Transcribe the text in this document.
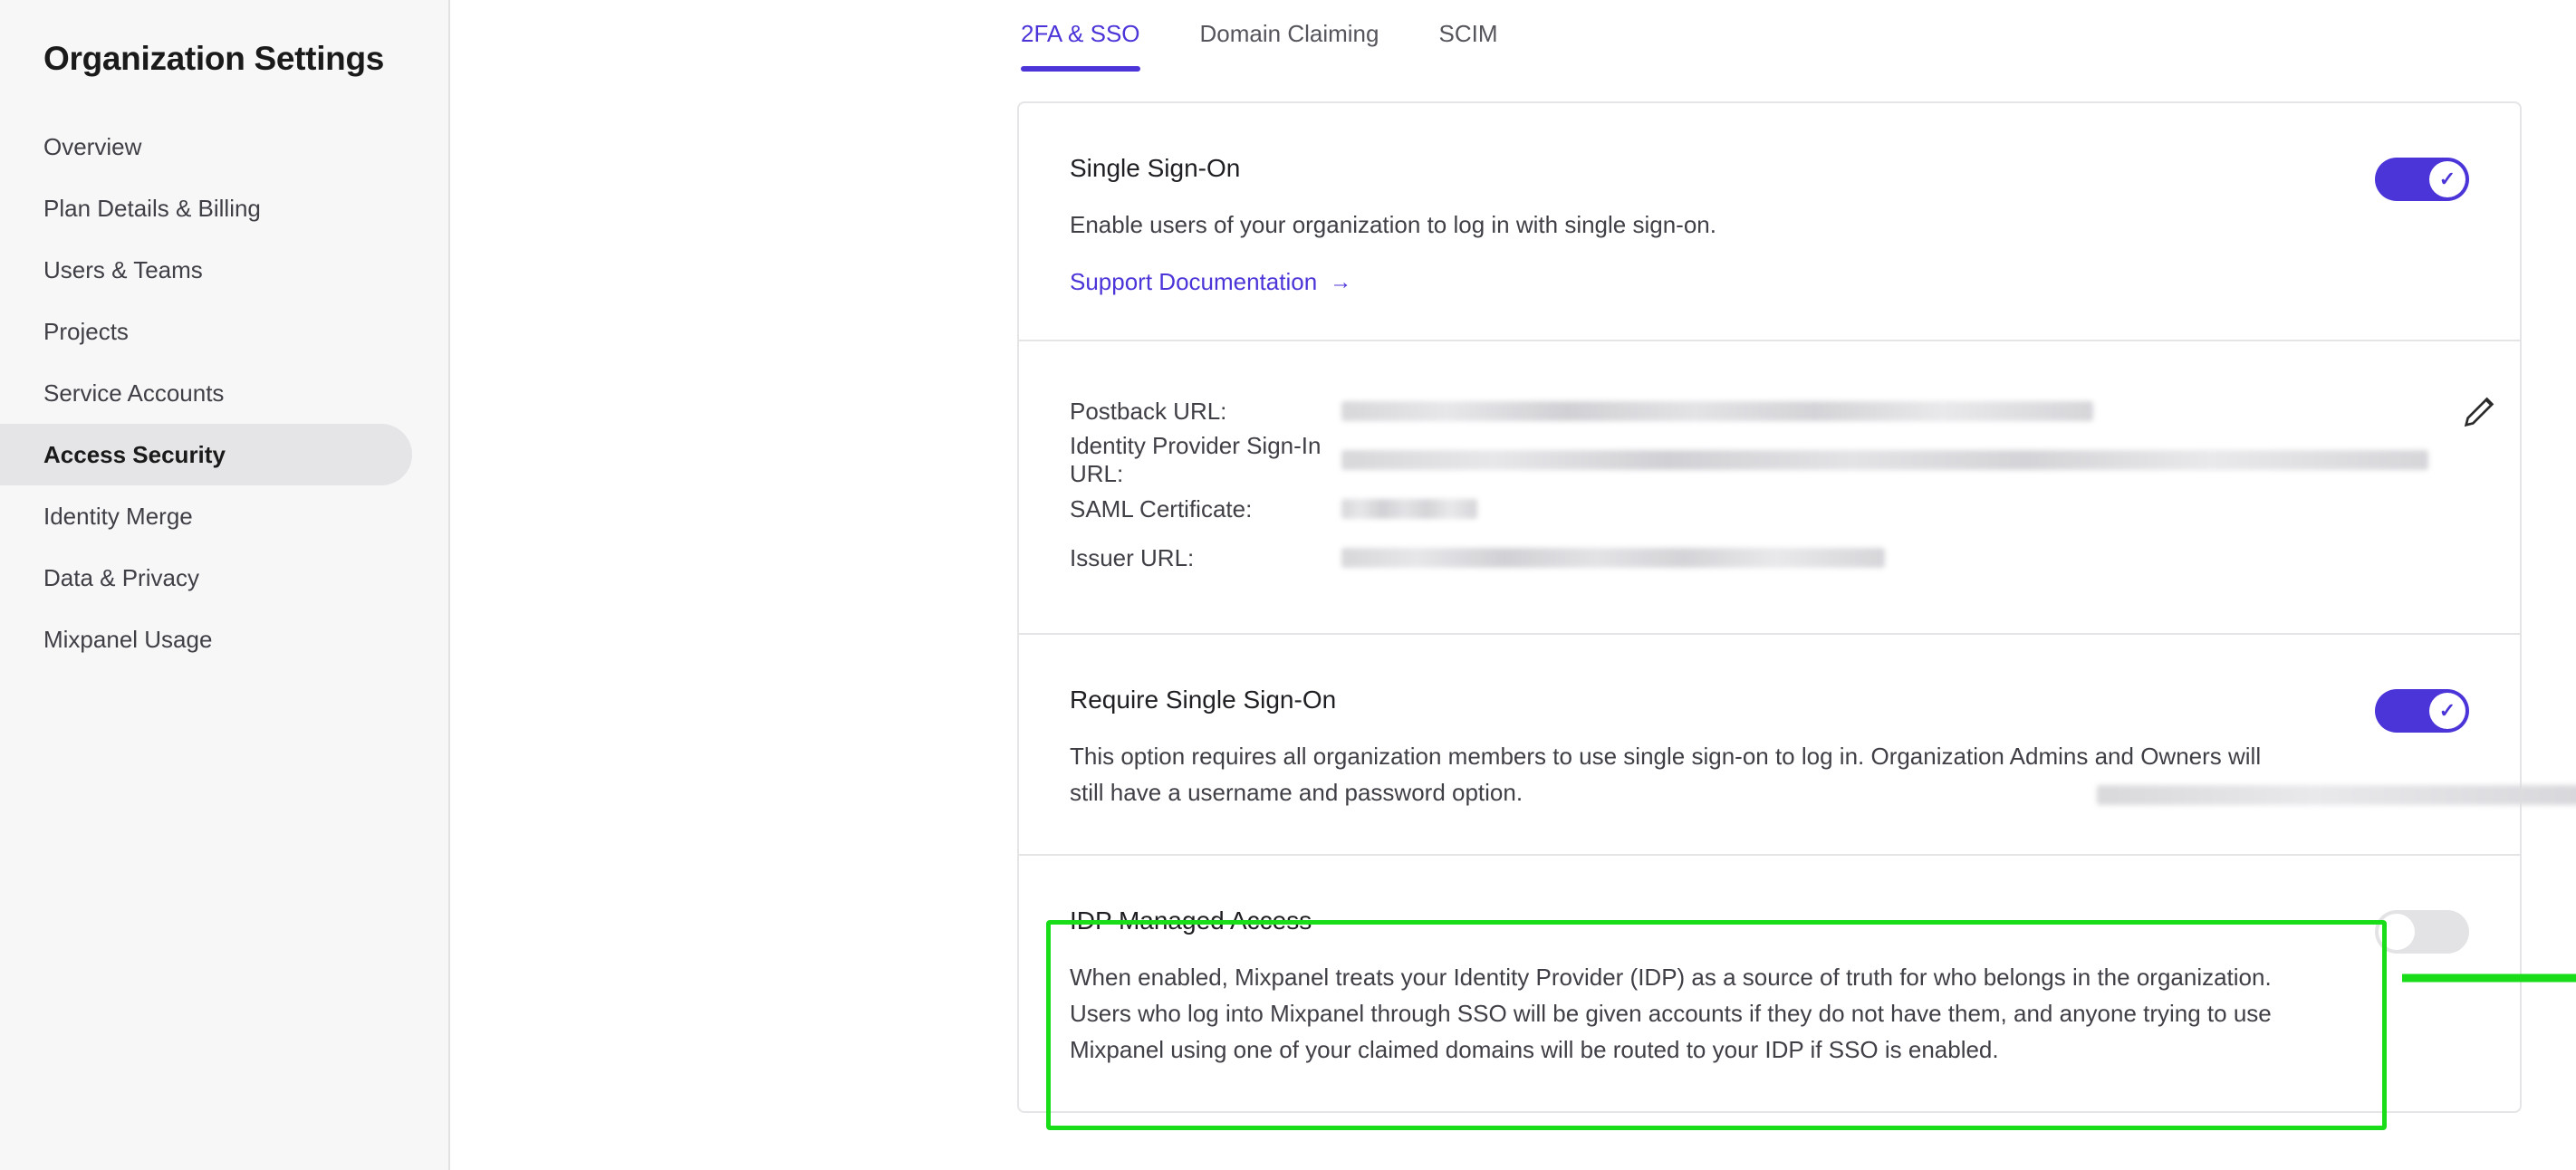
Organization Settings
Overview
Plan Details & Billing
Users & Teams
Projects
Service Accounts
Access Security
Identity Merge
Data & Privacy
Mixpanel Usage
2FA & SSO	Domain Claiming	SCIM
Single Sign-On
Enable users of your organization to log in with single sign-on.
Support Documentation →
✓
Postback URL:
Identity Provider Sign-In URL:
SAML Certificate:
Issuer URL:
Require Single Sign-On
This option requires all organization members to use single sign-on to log in. Organization Admins and Owners will still have a username and password option.
✓
IDP Managed Access
When enabled, Mixpanel treats your Identity Provider (IDP) as a source of truth for who belongs in the organization. Users who log into Mixpanel through SSO will be given accounts if they do not have them, and anyone trying to use Mixpanel using one of your claimed domains will be routed to your IDP if SSO is enabled.
